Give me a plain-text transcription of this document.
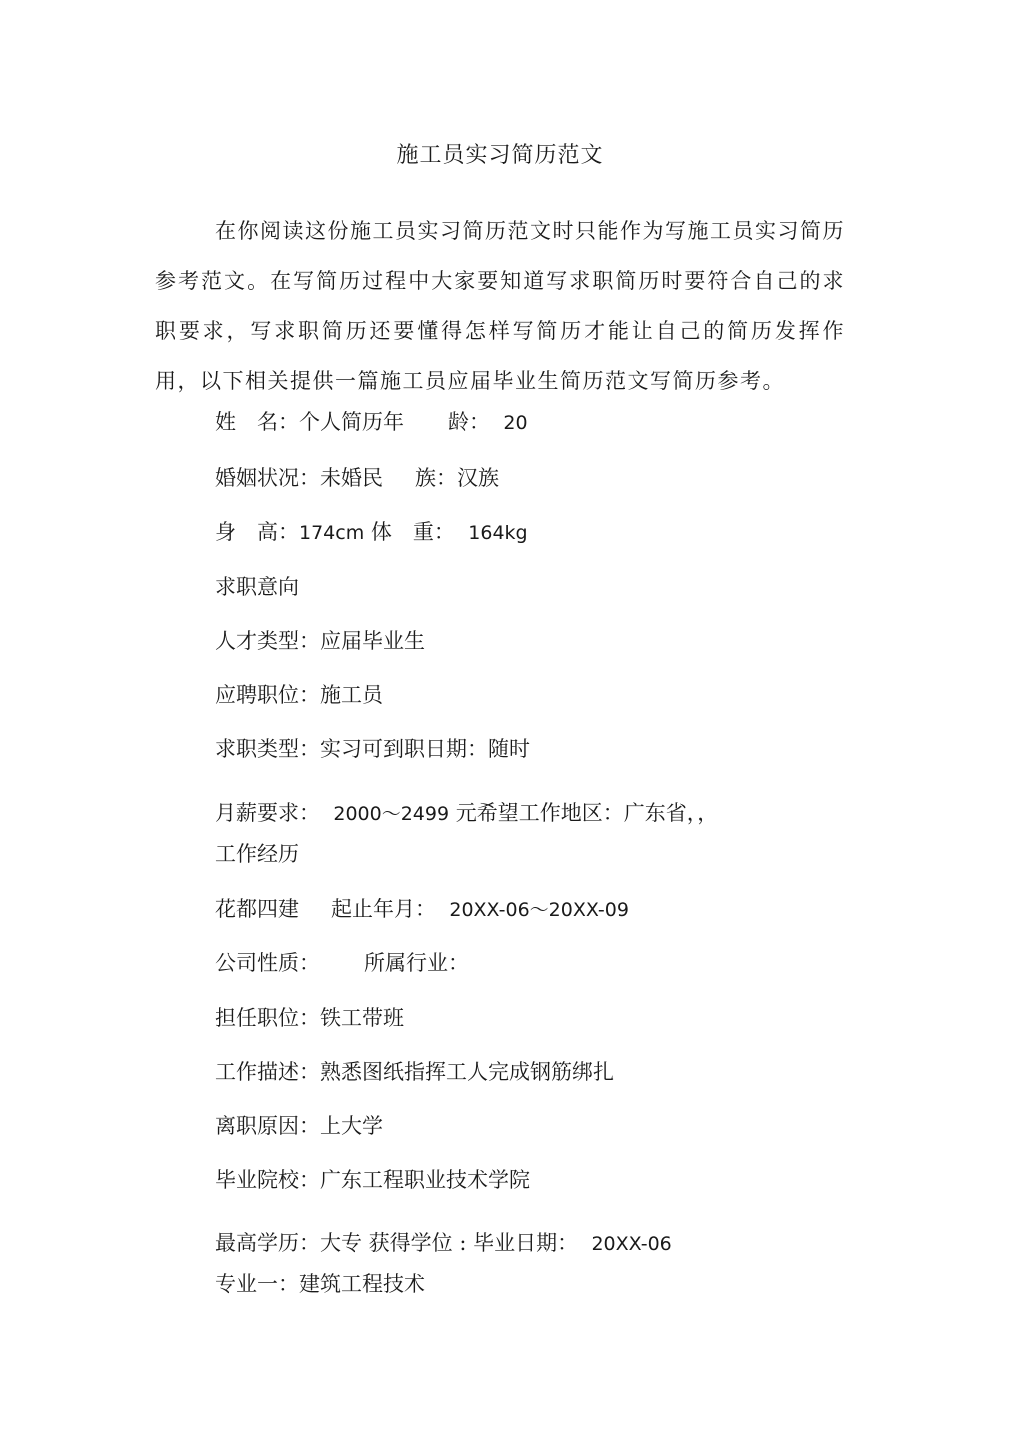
施工员实习简历范文

在你阅读这份施工员实习简历范文时只能作为写施工员实习简历参考范文。在写简历过程中大家要知道写求职简历时要符合自己的求职要求，写求职简历还要懂得怎样写简历才能让自己的简历发挥作用，以下相关提供一篇施工员应届毕业生简历范文写简历参考。

姓　名：个人简历年 龄： 20
婚姻状况：未婚民 族：汉族
身　高：174cm 体　重： 164kg
求职意向
人才类型：应届毕业生
应聘职位：施工员
求职类型：实习可到职日期：随时
月薪要求： 2000～2499 元希望工作地区：广东省，，
工作经历
花都四建 起止年月： 20XX-06～20XX-09
公司性质： 所属行业：
担任职位：铁工带班
工作描述：熟悉图纸指挥工人完成钢筋绑扎
离职原因：上大学
毕业院校：广东工程职业技术学院
最高学历：大专 获得学位 : 毕业日期： 20XX-06
专业一：建筑工程技术
